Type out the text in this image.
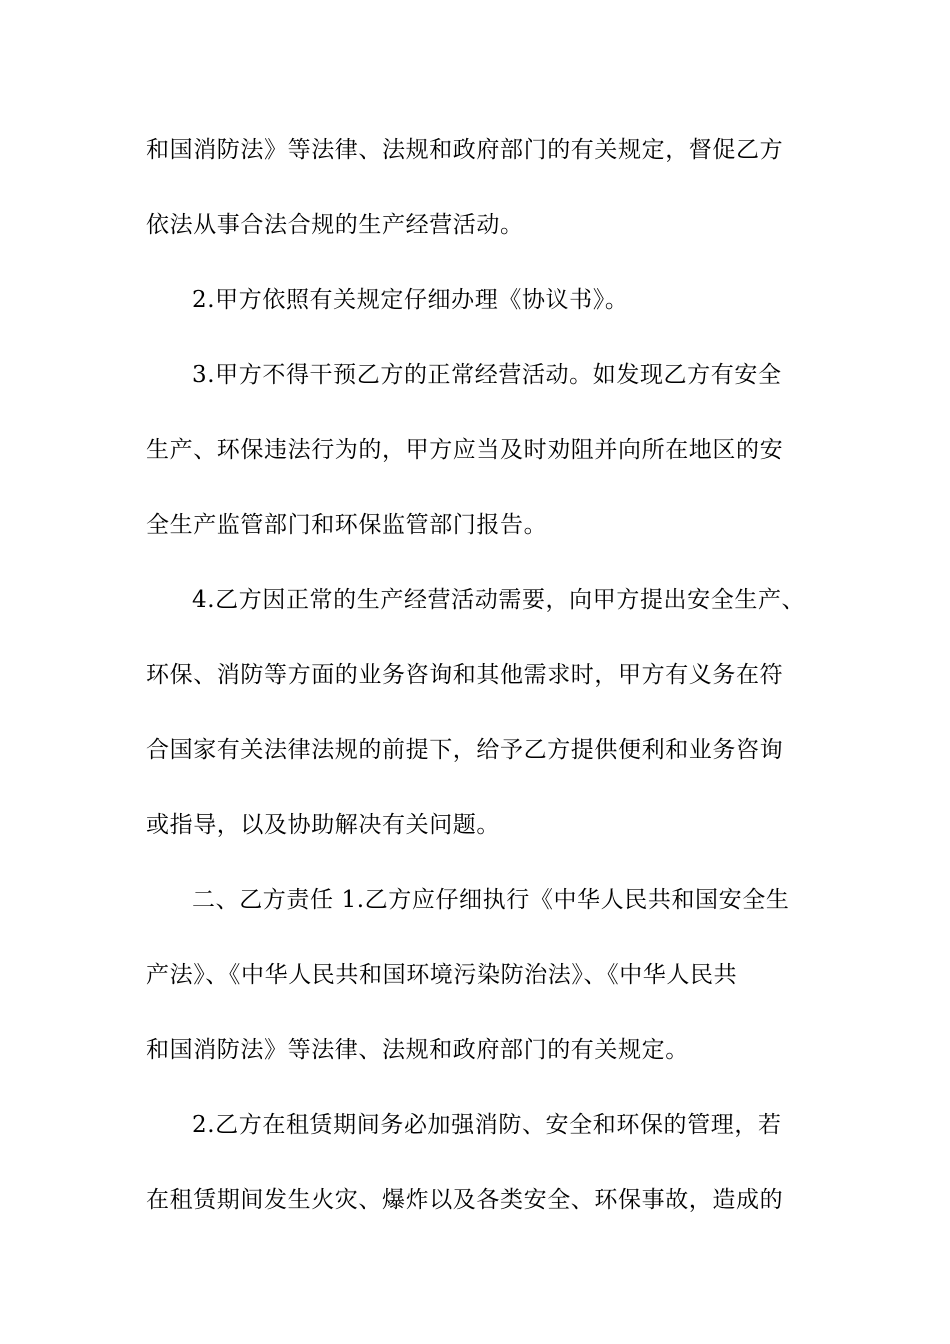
和国消防法》等法律、法规和政府部门的有关规定，督促乙方
依法从事合法合规的生产经营活动。
2.甲方依照有关规定仔细办理《协议书》。
3.甲方不得干预乙方的正常经营活动。如发现乙方有安全
生产、环保违法行为的，甲方应当及时劝阻并向所在地区的安
全生产监管部门和环保监管部门报告。
4.乙方因正常的生产经营活动需要，向甲方提出安全生产、
环保、消防等方面的业务咨询和其他需求时，甲方有义务在符
合国家有关法律法规的前提下，给予乙方提供便利和业务咨询
或指导，以及协助解决有关问题。
二、乙方责任 1.乙方应仔细执行《中华人民共和国安全生
产法》、《中华人民共和国环境污染防治法》、《中华人民共
和国消防法》等法律、法规和政府部门的有关规定。
2.乙方在租赁期间务必加强消防、安全和环保的管理，若
在租赁期间发生火灾、爆炸以及各类安全、环保事故，造成的
